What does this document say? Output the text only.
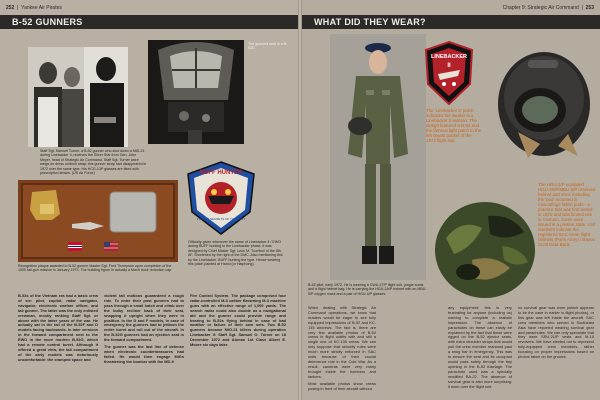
252  |  Yankee Air Pirates
B-52 GUNNERS
Staff Sgt. Samuel Turner, a B-52 gunner who shot down a MiG-21 during Linebacker II, receives the Silver Star from Gen. John Meyer, head of Strategic Air Command. Staff Sgt. Turner wore wings on dress uniform strap; this gunner strap had disappeared in 1972 over the same type. His HCG-13P glasses are fitted with prescription lenses. (US Air Force)
The gunners seat in a B-52D.
Recognition plaque awarded to B-52 gunner Master Sgt. Fred Thompson upon completion of the 1000 tail-gun mission in January 1973. The building figure in actually a Mach truck reduction cap.
BUFF HUNTER
PRIVATE SECRETS OF THE HUNT
Officially-given whenever the name of Linebacker II / EWO during BUFF hunting to the Linebacker phase, it was designed by Chief Master Sgt. Leon M. Trumbull of the 8th AF. Shortened by the right of the DMC. Also mentioning this by the Linebacker. BUFF hunting the type. Hence wearing this patch painted at Hanoi (or Haiphong).

B-52s of the Vietnam era had a basic crew of six: pilot, copilot, radar navigator, navigator, electronic warfare officer, and tail gunner. The latter was the only enlisted crewman, mostly ranking Staff Sgt. or above with the latter years of the war. He actually sat in the tail of the B-52F and D models facing backwards. In later versions in the forward compartment next to the EWO in the more modern B-52G, which had a remote control turret. Although it offered a great view, the tail compartment of the early models was notoriously uncomfortable: the cramped space and

violent tail motions guaranteed a rough ride. To enter their post gunners had to pass through a small hatch and climb over the bulky recliner back of their seat, snapping it upright when they were in position. In the D and F models, in case of emergency the gunners had to jettison the entire turret and roll out of the aircraft. In the B-52G gunners had an ejection seat in the forward compartment.

The gunner was the last line of defense when electronic countermeasures had failed. He would then engage MiGs threatening the bomber with the MD-9

Fire Control System. The package comprised four radar-controlled M-3 caliber Browning M-3 machine guns with an effective range of 1,000 yards. The search radar could also double as a navigational aid and the gunner could provide range and bearing to B-52s flying behind in case of bad weather or failure of their own sets. Two B-52 gunners became MiG-21 killers during operation Linebacker II: Staff Sgt. Samuel O. Turner on 18 December 1972 and Airman 1st Class Albert E. Moore six days later.

Chapter 9: Strategic Air Command  |  253
WHAT DID THEY WEAR?
B-52 pilot, early 1972. He is wearing a CWU-27/P flight suit, jungle boots and a flight helmet bag. He is carrying the HGU-2A/P helmet with an MBU-5/P oxygen mask and a pair of HGU-4/P glasses.
LINEBACKER
II
The 'Linebacker II' patch indicates the wearer is a Linebacker II veteran. The design featured a B-52 and the famous light patch to the left breast pocket of the 1972 flight suit.
The HGU-2/P equipped HGU-26/P/MBU-5/P reserved helmet and visor, including the 'pod' mounted in camouflage fabric pods - a practice that was first tested in 1970 and was limited use in Vietnam. Some were issued in a pristine state. Unit numbers indicate the registered SAC-issue flight helmets (Paris Army) / Bayou Scott Data Bank.

When dealing with Strategic Air Command operations, we know that readers would be eager to see fully equipped impressions of B-52 and KC-135 aircrews. The fact is, there are very few available photos of B-52 crews in flight outfits with and still a single one of KC-135 crews. We can only suppose that security rules were much more strictly enforced in SAC units because of their crucial deterrence role in the Cold War. As a result, cameras were very rarely brought inside the bombers and tankers.

Most available photos show crews posing in front of their aircraft without

any equipment; this is very frustrating for anyone (including us) wishing to complete a realistic impression. The absence of parachutes on these can easily be explained by the fact that these were rigged on the B-52 ejector seats, with extra shoulder straps that would pull the crew member rearward past a snug bar in emergency. This was to ensure the seat and its occupant would pass safely through the tiny opening in the B-52 fuselage. The parachute used was a specially modified BA-22. The absence of survival gear is also more surprising: it worn over the flight suit.

no survival gear was worn (which appears to be the case in earlier in-flight photos), or this gear was left inside the aircraft. SAC crew members who served in Southeast Asia have reported wearing survival gear and parachutes. We can only speculate that they were SRU-21/P vests and M-10 revolvers. We have elected not to represent fully-equipped crew members, rather focusing on proper impressions based on photos taken on the ground.
